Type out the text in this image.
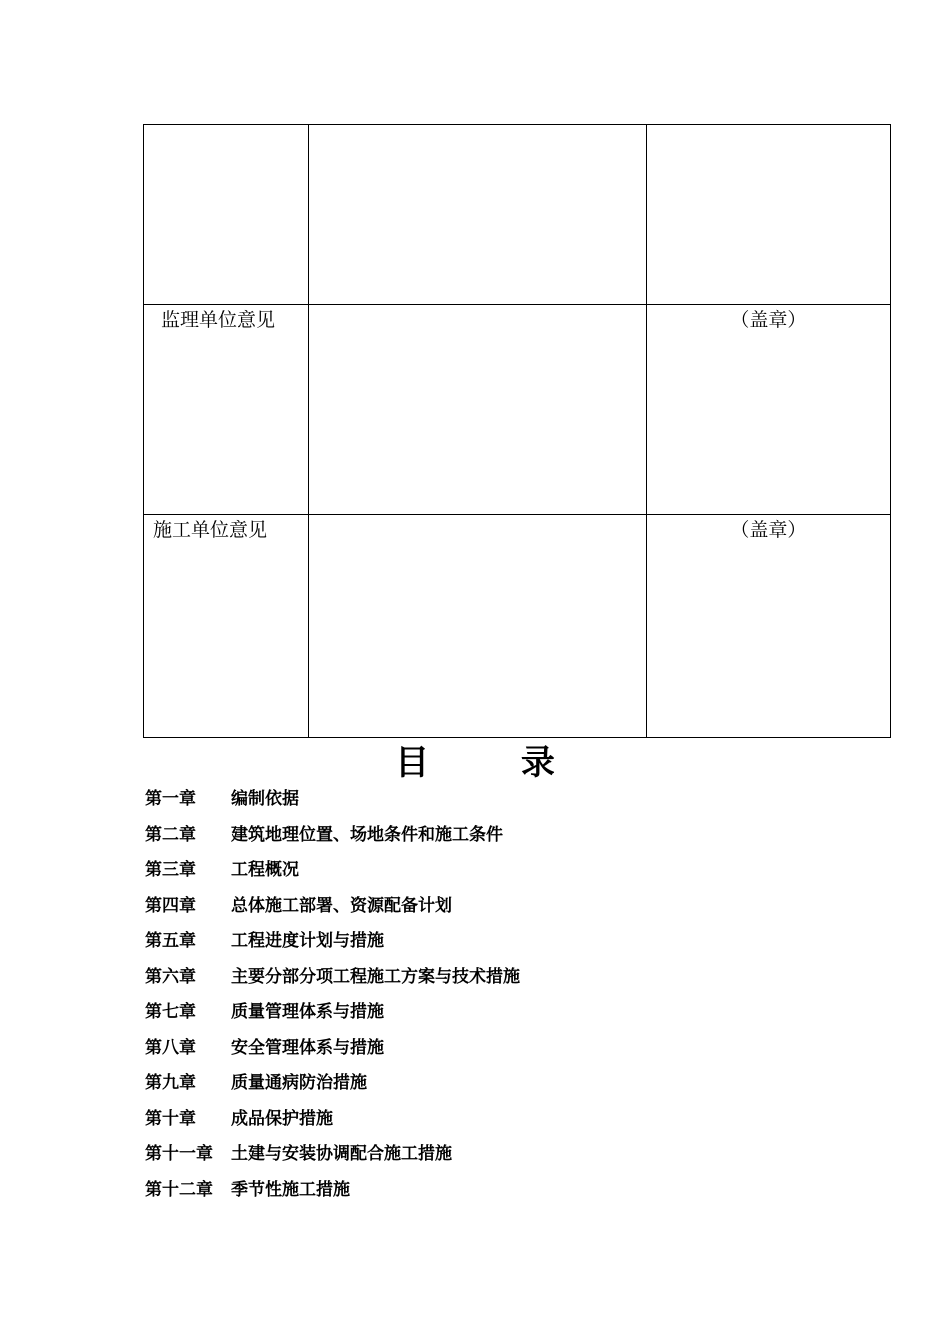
监理单位意见		（盖章）

施工单位意见		（盖章）
目 录
第一章 编制依据
第二章 建筑地理位置、场地条件和施工条件
第三章 工程概况
第四章 总体施工部署、资源配备计划
第五章 工程进度计划与措施
第六章 主要分部分项工程施工方案与技术措施
第七章 质量管理体系与措施
第八章 安全管理体系与措施
第九章 质量通病防治措施
第十章 成品保护措施
第十一章 土建与安装协调配合施工措施
第十二章 季节性施工措施
